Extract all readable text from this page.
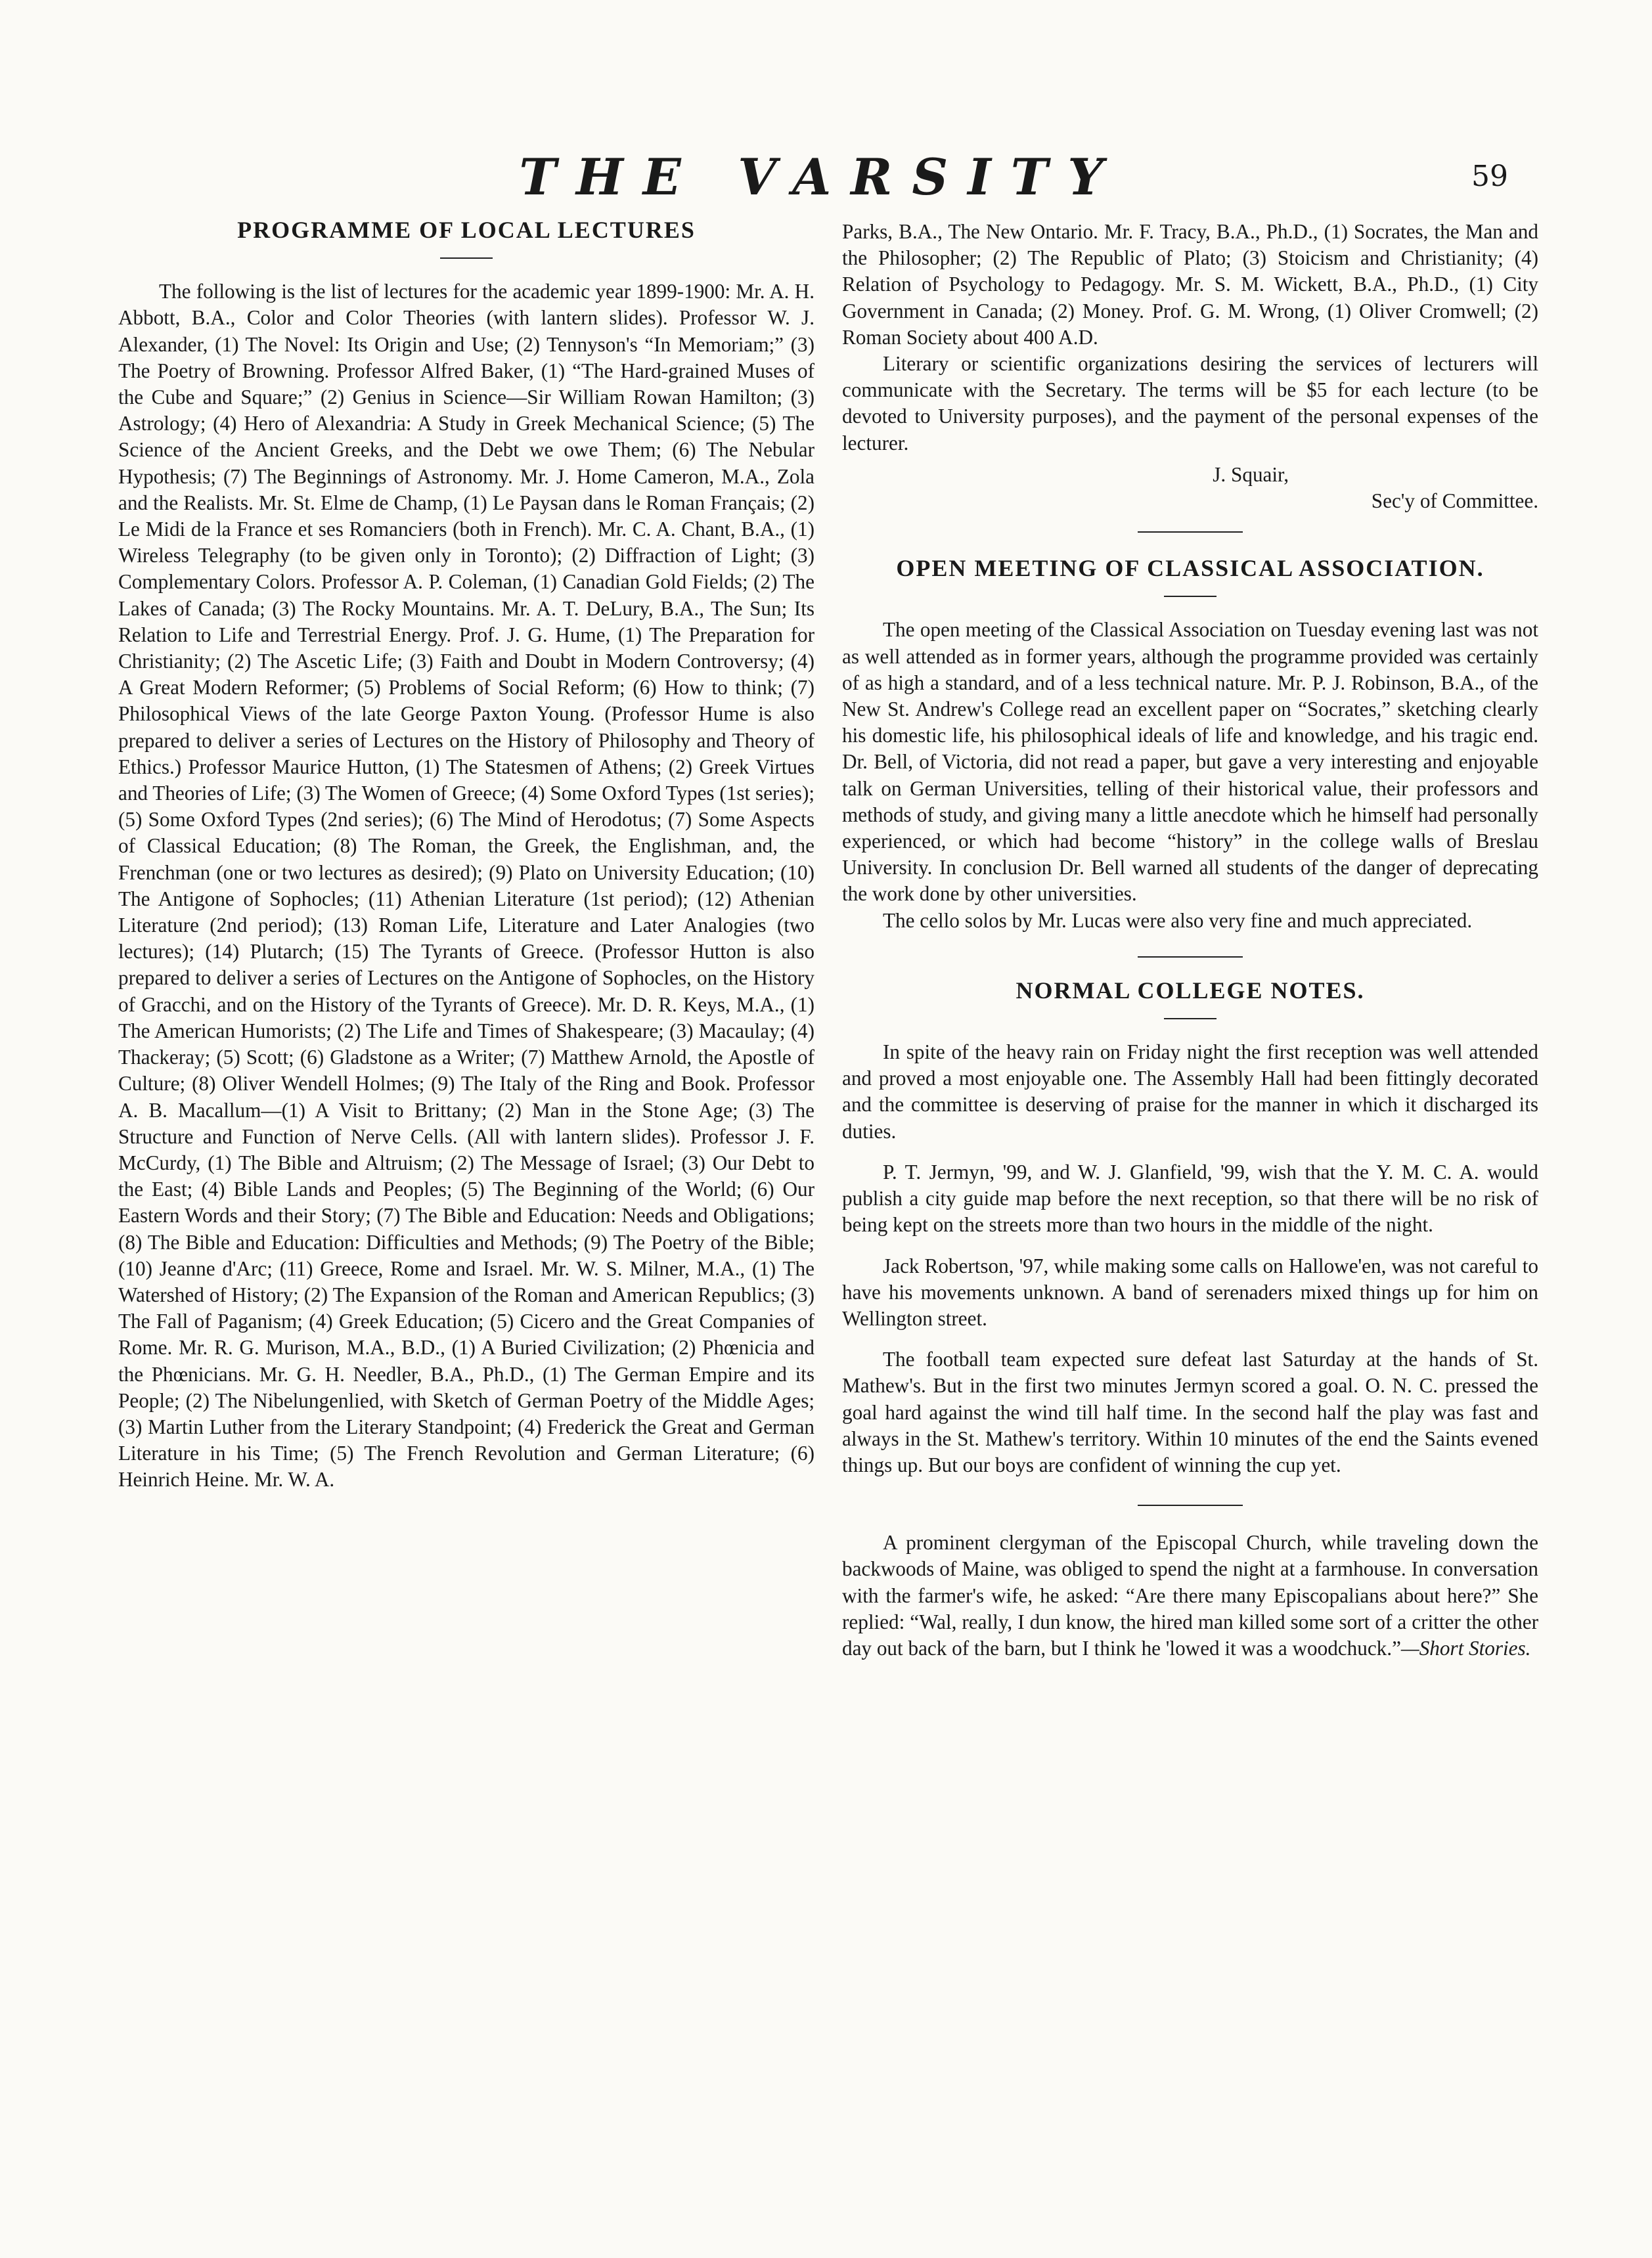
THE VARSITY	59
PROGRAMME OF LOCAL LECTURES

The following is the list of lectures for the academic year 1899-1900: Mr. A. H. Abbott, B.A., Color and Color Theories (with lantern slides). Professor W. J. Alexander, (1) The Novel: Its Origin and Use; (2) Tennyson's “In Memoriam;” (3) The Poetry of Browning. Professor Alfred Baker, (1) “The Hard-grained Muses of the Cube and Square;” (2) Genius in Science—Sir William Rowan Hamilton; (3) Astrology; (4) Hero of Alexandria: A Study in Greek Mechanical Science; (5) The Science of the Ancient Greeks, and the Debt we owe Them; (6) The Nebular Hypothesis; (7) The Beginnings of Astronomy. Mr. J. Home Cameron, M.A., Zola and the Realists. Mr. St. Elme de Champ, (1) Le Paysan dans le Roman Français; (2) Le Midi de la France et ses Romanciers (both in French). Mr. C. A. Chant, B.A., (1) Wireless Telegraphy (to be given only in Toronto); (2) Diffraction of Light; (3) Complementary Colors. Professor A. P. Coleman, (1) Canadian Gold Fields; (2) The Lakes of Canada; (3) The Rocky Mountains. Mr. A. T. DeLury, B.A., The Sun; Its Relation to Life and Terrestrial Energy. Prof. J. G. Hume, (1) The Preparation for Christianity; (2) The Ascetic Life; (3) Faith and Doubt in Modern Controversy; (4) A Great Modern Reformer; (5) Problems of Social Reform; (6) How to think; (7) Philosophical Views of the late George Paxton Young. (Professor Hume is also prepared to deliver a series of Lectures on the History of Philosophy and Theory of Ethics.) Professor Maurice Hutton, (1) The Statesmen of Athens; (2) Greek Virtues and Theories of Life; (3) The Women of Greece; (4) Some Oxford Types (1st series); (5) Some Oxford Types (2nd series); (6) The Mind of Herodotus; (7) Some Aspects of Classical Education; (8) The Roman, the Greek, the Englishman, and, the Frenchman (one or two lectures as desired); (9) Plato on University Education; (10) The Antigone of Sophocles; (11) Athenian Literature (1st period); (12) Athenian Literature (2nd period); (13) Roman Life, Literature and Later Analogies (two lectures); (14) Plutarch; (15) The Tyrants of Greece. (Professor Hutton is also prepared to deliver a series of Lectures on the Antigone of Sophocles, on the History of Gracchi, and on the History of the Tyrants of Greece). Mr. D. R. Keys, M.A., (1) The American Humorists; (2) The Life and Times of Shakespeare; (3) Macaulay; (4) Thackeray; (5) Scott; (6) Gladstone as a Writer; (7) Matthew Arnold, the Apostle of Culture; (8) Oliver Wendell Holmes; (9) The Italy of the Ring and Book. Professor A. B. Macallum—(1) A Visit to Brittany; (2) Man in the Stone Age; (3) The Structure and Function of Nerve Cells. (All with lantern slides). Professor J. F. McCurdy, (1) The Bible and Altruism; (2) The Message of Israel; (3) Our Debt to the East; (4) Bible Lands and Peoples; (5) The Beginning of the World; (6) Our Eastern Words and their Story; (7) The Bible and Education: Needs and Obligations; (8) The Bible and Education: Difficulties and Methods; (9) The Poetry of the Bible; (10) Jeanne d'Arc; (11) Greece, Rome and Israel. Mr. W. S. Milner, M.A., (1) The Watershed of History; (2) The Expansion of the Roman and American Republics; (3) The Fall of Paganism; (4) Greek Education; (5) Cicero and the Great Companies of Rome. Mr. R. G. Murison, M.A., B.D., (1) A Buried Civilization; (2) Phœnicia and the Phœnicians. Mr. G. H. Needler, B.A., Ph.D., (1) The German Empire and its People; (2) The Nibelungenlied, with Sketch of German Poetry of the Middle Ages; (3) Martin Luther from the Literary Standpoint; (4) Frederick the Great and German Literature in his Time; (5) The French Revolution and German Literature; (6) Heinrich Heine. Mr. W. A.

Parks, B.A., The New Ontario. Mr. F. Tracy, B.A., Ph.D., (1) Socrates, the Man and the Philosopher; (2) The Republic of Plato; (3) Stoicism and Christianity; (4) Relation of Psychology to Pedagogy. Mr. S. M. Wickett, B.A., Ph.D., (1) City Government in Canada; (2) Money. Prof. G. M. Wrong, (1) Oliver Cromwell; (2) Roman Society about 400 A.D.

Literary or scientific organizations desiring the services of lecturers will communicate with the Secretary. The terms will be $5 for each lecture (to be devoted to University purposes), and the payment of the personal expenses of the lecturer.

J. Squair,
Sec'y of Committee.
OPEN MEETING OF CLASSICAL ASSOCIATION.

The open meeting of the Classical Association on Tuesday evening last was not as well attended as in former years, although the programme provided was certainly of as high a standard, and of a less technical nature. Mr. P. J. Robinson, B.A., of the New St. Andrew's College read an excellent paper on “Socrates,” sketching clearly his domestic life, his philosophical ideals of life and knowledge, and his tragic end. Dr. Bell, of Victoria, did not read a paper, but gave a very interesting and enjoyable talk on German Universities, telling of their historical value, their professors and methods of study, and giving many a little anecdote which he himself had personally experienced, or which had become “history” in the college walls of Breslau University. In conclusion Dr. Bell warned all students of the danger of deprecating the work done by other universities.

The cello solos by Mr. Lucas were also very fine and much appreciated.

NORMAL COLLEGE NOTES.

In spite of the heavy rain on Friday night the first reception was well attended and proved a most enjoyable one. The Assembly Hall had been fittingly decorated and the committee is deserving of praise for the manner in which it discharged its duties.

P. T. Jermyn, '99, and W. J. Glanfield, '99, wish that the Y. M. C. A. would publish a city guide map before the next reception, so that there will be no risk of being kept on the streets more than two hours in the middle of the night.

Jack Robertson, '97, while making some calls on Hallowe'en, was not careful to have his movements unknown. A band of serenaders mixed things up for him on Wellington street.

The football team expected sure defeat last Saturday at the hands of St. Mathew's. But in the first two minutes Jermyn scored a goal. O. N. C. pressed the goal hard against the wind till half time. In the second half the play was fast and always in the St. Mathew's territory. Within 10 minutes of the end the Saints evened things up. But our boys are confident of winning the cup yet.

A prominent clergyman of the Episcopal Church, while traveling down the backwoods of Maine, was obliged to spend the night at a farmhouse. In conversation with the farmer's wife, he asked: “Are there many Episcopalians about here?” She replied: “Wal, really, I dun know, the hired man killed some sort of a critter the other day out back of the barn, but I think he 'lowed it was a woodchuck.”—Short Stories.
